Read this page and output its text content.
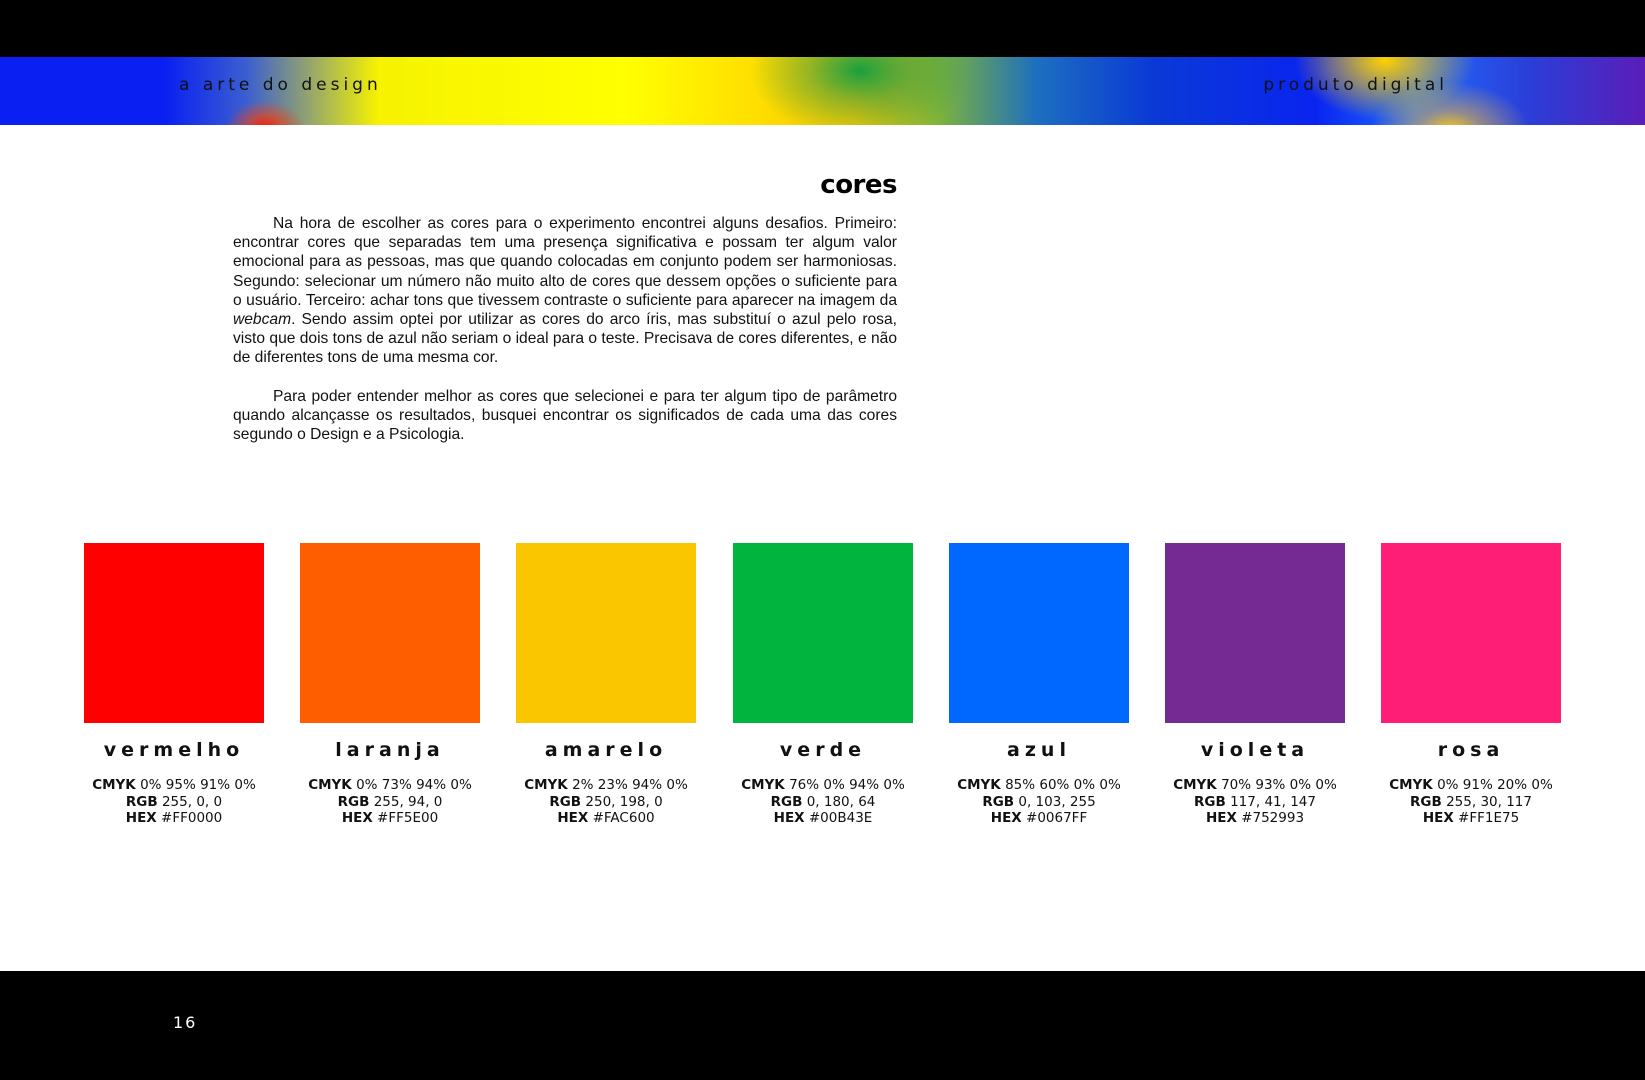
a arte do design	produto digital

cores

Na hora de escolher as cores para o experimento encontrei alguns desafios. Primeiro: encontrar cores que separadas tem uma presença significativa e possam ter algum valor emocional para as pessoas, mas que quando colocadas em conjunto podem ser harmoniosas. Segundo: selecionar um número não muito alto de cores que dessem opções o suficiente para o usuário. Terceiro: achar tons que tivessem contraste o suficiente para aparecer na imagem da webcam. Sendo assim optei por utilizar as cores do arco íris, mas substituí o azul pelo rosa, visto que dois tons de azul não seriam o ideal para o teste. Precisava de cores diferentes, e não de diferentes tons de uma mesma cor.

Para poder entender melhor as cores que selecionei e para ter algum tipo de parâmetro quando alcançasse os resultados, busquei encontrar os significados de cada uma das cores segundo o Design e a Psicologia.

vermelho
CMYK 0% 95% 91% 0%
RGB 255, 0, 0
HEX #FF0000
laranja
CMYK 0% 73% 94% 0%
RGB 255, 94, 0
HEX #FF5E00
amarelo
CMYK 2% 23% 94% 0%
RGB 250, 198, 0
HEX #FAC600
verde
CMYK 76% 0% 94% 0%
RGB 0, 180, 64
HEX #00B43E
azul
CMYK 85% 60% 0% 0%
RGB 0, 103, 255
HEX #0067FF
violeta
CMYK 70% 93% 0% 0%
RGB 117, 41, 147
HEX #752993
rosa
CMYK 0% 91% 20% 0%
RGB 255, 30, 117
HEX #FF1E75
16
